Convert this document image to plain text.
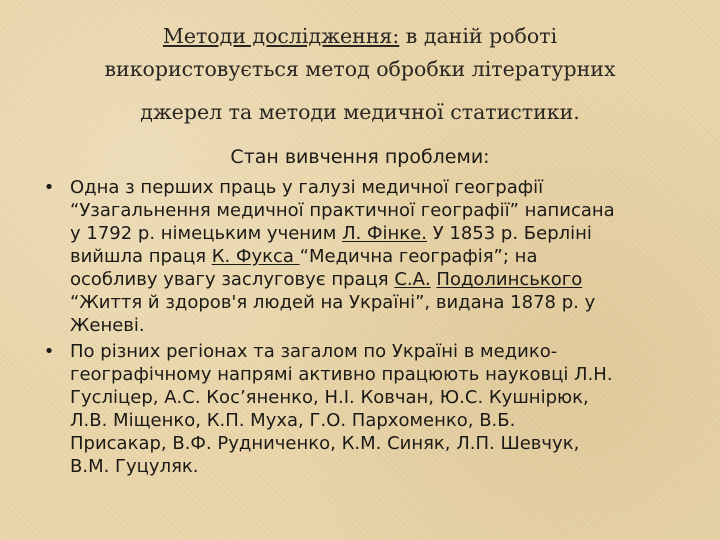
Методи дослідження: в даній роботі
використовується метод обробки літературних
джерел та методи медичної статистики.
Стан вивчення проблеми:
• Одна з перших праць у галузі медичної географії
“Узагальнення медичної практичної географії” написана
у 1792 р. німецьким ученим Л. Фінке. У 1853 р. Берліні
вийшла праця К. Фукса “Медична географія”; на
особливу увагу заслуговує праця С.А. Подолинського
“Життя й здоров'я людей на Україні”, видана 1878 р. у
Женеві.
• По різних регіонах та загалом по Україні в медико-
географічному напрямі активно працюють науковці Л.Н.
Гусліцер, А.С. Кос’яненко, Н.І. Ковчан, Ю.С. Кушнірюк,
Л.В. Міщенко, К.П. Муха, Г.О. Пархоменко, В.Б.
Присакар, В.Ф. Рудниченко, К.М. Синяк, Л.П. Шевчук,
В.М. Гуцуляк.
